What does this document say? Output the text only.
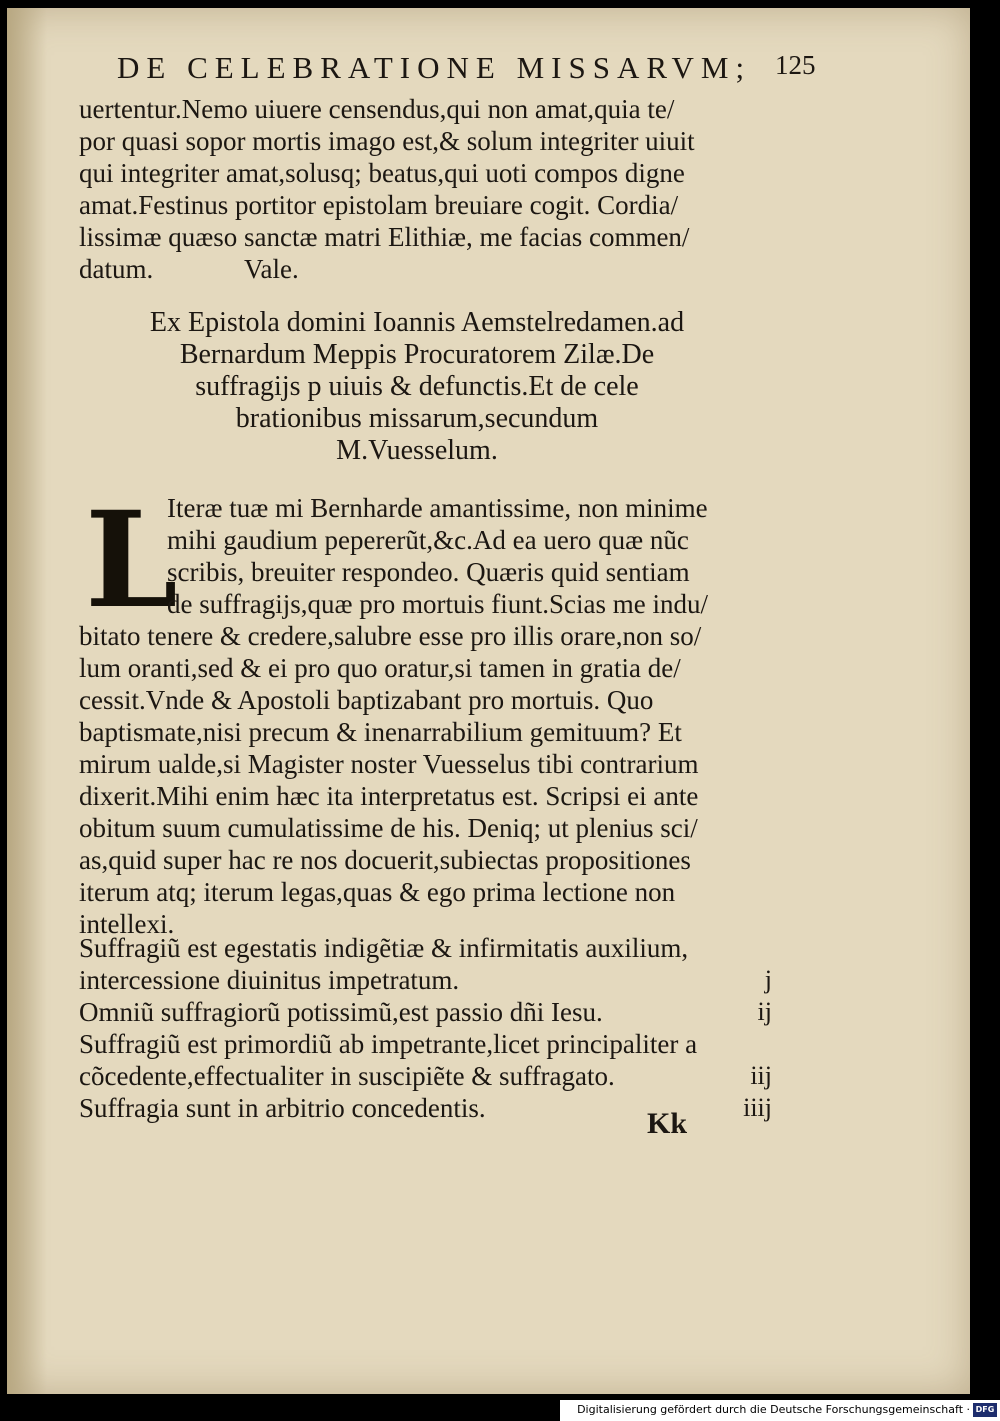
DE CELEBRATIONE MISSARVM; 125
uertentur.Nemo uiuere censendus,qui non amat,quia te/
por quasi sopor mortis imago est,& solum integriter uiuit
qui integriter amat,solusq; beatus,qui uoti compos digne
amat.Festinus portitor epistolam breuiare cogit. Cordia/
lissimæ quæso sanctæ matri Elithiæ, me facias commen/
datum.	Vale.
Ex Epistola domini Ioannis Aemstelredamen.ad
Bernardum Meppis Procuratorem Zilæ.De
suffragijs p uiuis & defunctis.Et de cele
brationibus missarum,secundum
M.Vuesselum.
L
Iteræ tuæ mi Bernharde amantissime, non minime
mihi gaudium pepererũt,&c.Ad ea uero quæ nũc
scribis, breuiter respondeo. Quæris quid sentiam
de suffragijs,quæ pro mortuis fiunt.Scias me indu/
bitato tenere & credere,salubre esse pro illis orare,non so/
lum oranti,sed & ei pro quo oratur,si tamen in gratia de/
cessit.Vnde & Apostoli baptizabant pro mortuis. Quo
baptismate,nisi precum & inenarrabilium gemituum? Et
mirum ualde,si Magister noster Vuesselus tibi contrarium
dixerit.Mihi enim hæc ita interpretatus est. Scripsi ei ante
obitum suum cumulatissime de his. Deniq; ut plenius sci/
as,quid super hac re nos docuerit,subiectas propositiones
iterum atq; iterum legas,quas & ego prima lectione non
intellexi.
Suffragiũ est egestatis indigẽtiæ & infirmitatis auxilium,
intercessione diuinitus impetratum.	j
Omniũ suffragiorũ potissimũ,est passio dñi Iesu.	ij
Suffragiũ est primordiũ ab impetrante,licet principaliter a
cõcedente,effectualiter in suscipiẽte & suffragato.	iij
Suffragia sunt in arbitrio concedentis.	iiij
Kk
Digitalisierung gefördert durch die Deutsche Forschungsgemeinschaft · DFG
